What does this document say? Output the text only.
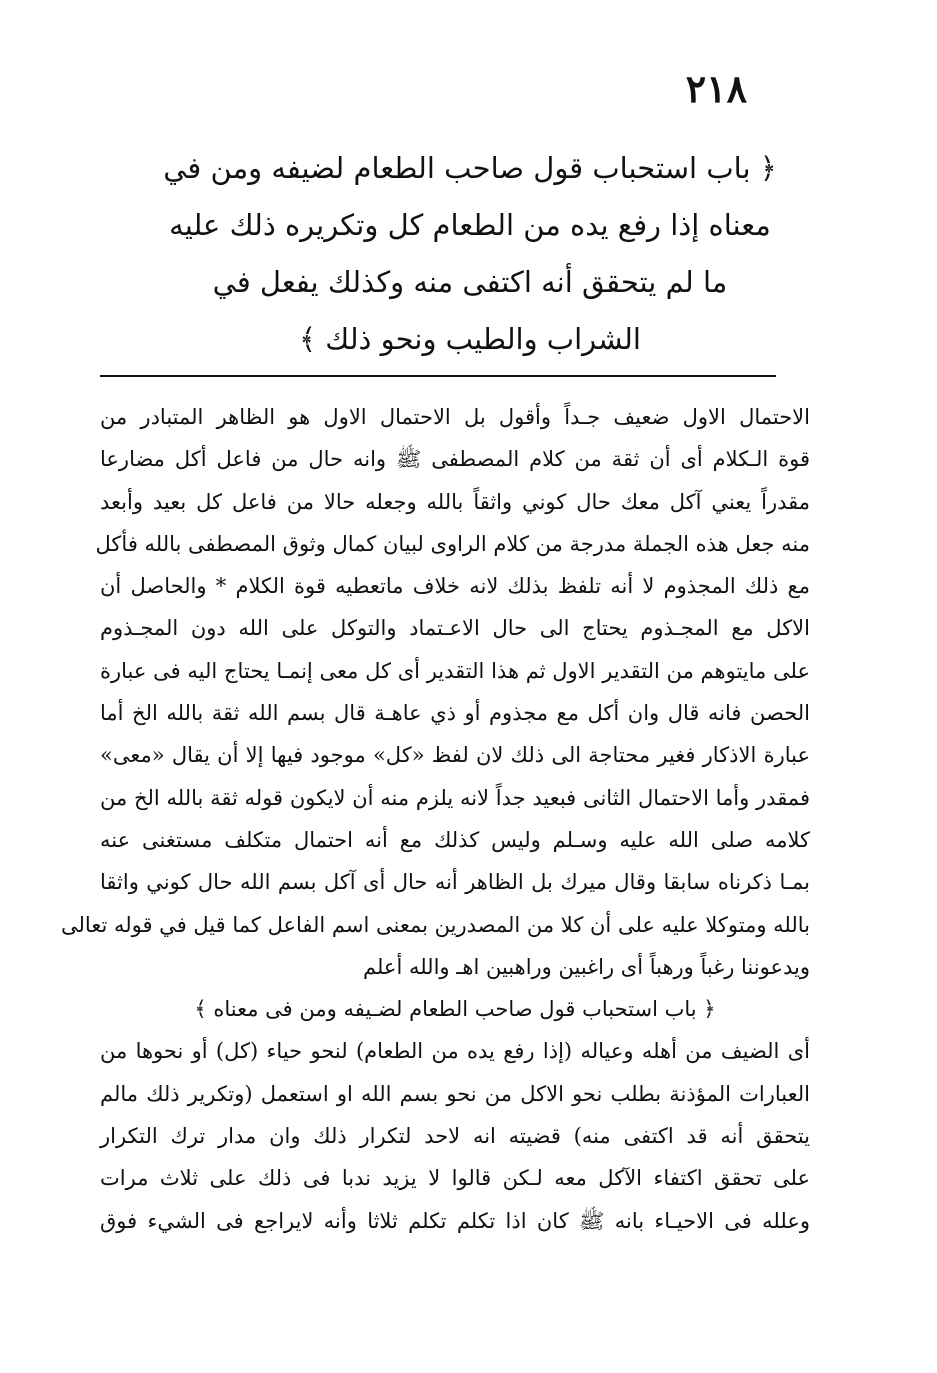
٢١٨
﴿ باب استحباب قول صاحب الطعام لضيفه ومن في
معناه إذا رفع يده من الطعام كل وتكريره ذلك عليه
ما لم يتحقق أنه اكتفى منه وكذلك يفعل في
الشراب والطيب ونحو ذلك ﴾
الاحتمال الاول ضعيف جـداً وأقول بل الاحتمال الاول هو الظاهر المتبادر من
قوة الـكلام أى أن ثقة من كلام المصطفى ﷺ وانه حال من فاعل أكل مضارعا
مقدراً يعني آكل معك حال كوني واثقاً بالله وجعله حالا من فاعل كل بعيد وأبعد
منه جعل هذه الجملة مدرجة من كلام الراوى لبيان كمال وثوق المصطفى بالله فأكل
مع ذلك المجذوم لا أنه تلفظ بذلك لانه خلاف ماتعطيه قوة الكلام * والحاصل أن
الاكل مع المجـذوم يحتاج الى حال الاعـتماد والتوكل على الله دون المجـذوم
على مايتوهم من التقدير الاول ثم هذا التقدير أى كل معى إنمـا يحتاج اليه فى عبارة
الحصن فانه قال وان أكل مع مجذوم أو ذي عاهـة قال بسم الله ثقة بالله الخ أما
عبارة الاذكار فغير محتاجة الى ذلك لان لفظ «كل» موجود فيها إلا أن يقال «معى»
فمقدر وأما الاحتمال الثانى فبعيد جداً لانه يلزم منه أن لايكون قوله ثقة بالله الخ من
كلامه صلى الله عليه وسـلم وليس كذلك مع أنه احتمال متكلف مستغنى عنه
بمـا ذكرناه سابقا وقال ميرك بل الظاهر أنه حال أى آكل بسم الله حال كوني واثقا
بالله ومتوكلا عليه على أن كلا من المصدرين بمعنى اسم الفاعل كما قيل في قوله تعالى
ويدعوننا رغباً ورهباً أى راغبين وراهبين اهـ والله أعلم
﴿ باب استحباب قول صاحب الطعام لضـيفه ومن فى معناه ﴾
أى الضيف من أهله وعياله (إذا رفع يده من الطعام) لنحو حياء (كل) أو نحوها من
العبارات المؤذنة بطلب نحو الاكل من نحو بسم الله او استعمل (وتكرير ذلك مالم
يتحقق أنه قد اكتفى منه) قضيته انه لاحد لتكرار ذلك وان مدار ترك التكرار
على تحقق اكتفاء الآكل معه لـكن قالوا لا يزيد ندبا فى ذلك على ثلاث مرات
وعلله فى الاحيـاء بانه ﷺ كان اذا تكلم تكلم ثلاثا وأنه لايراجع فى الشيء فوق
